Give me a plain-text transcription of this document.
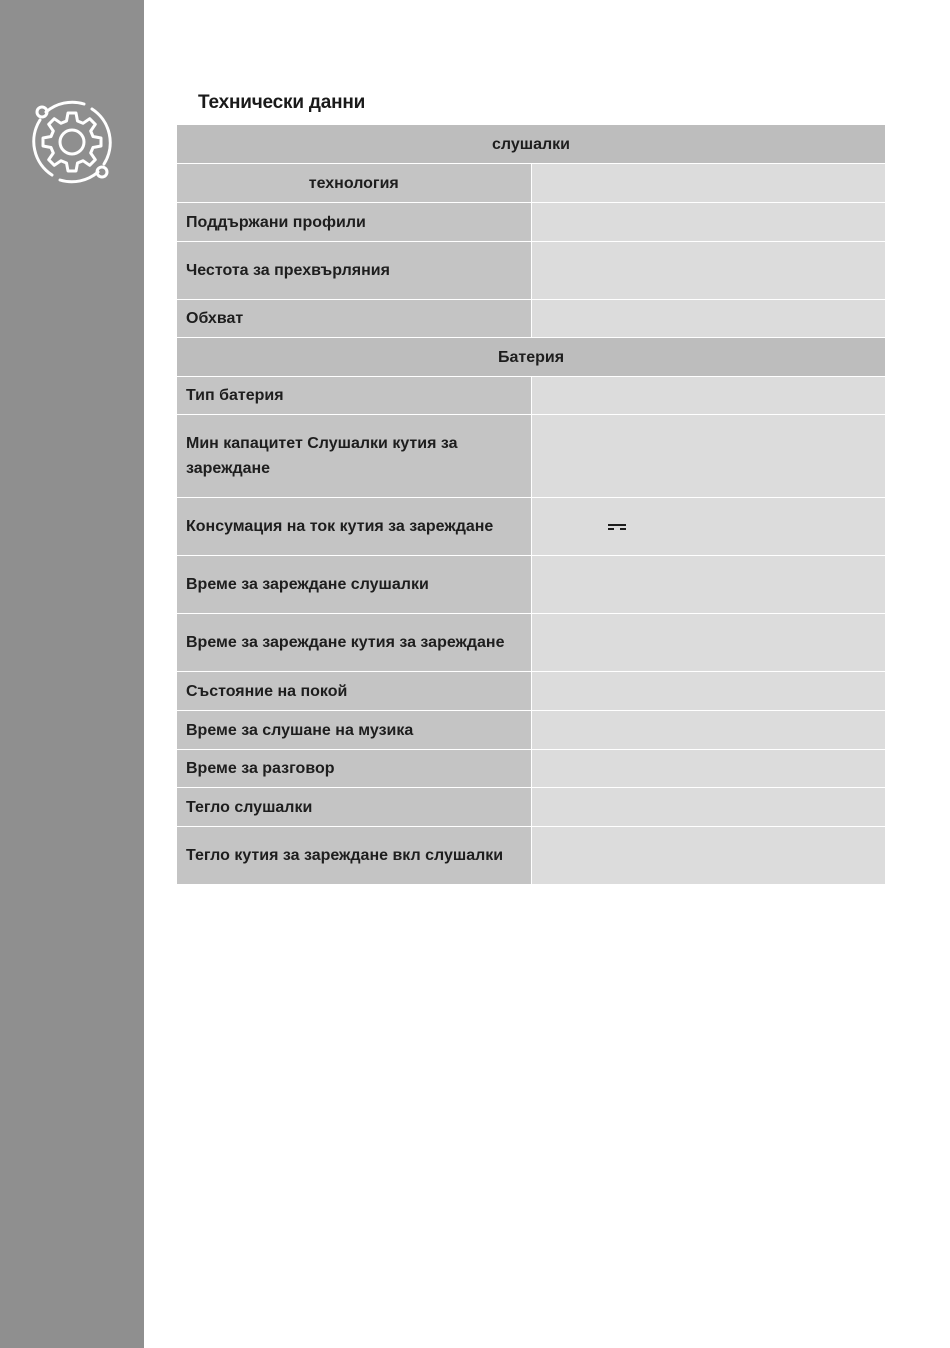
Технически данни
слушалки	
технология	
Поддържани профили	
Честота за прехвърляния	
Обхват	
Батерия	
Тип батерия	
Мин капацитет Слушалки кутия за зареждане	
Консумация на ток кутия за зареждане	

Време за зареждане слушалки	
Време за зареждане кутия за зареждане	
Състояние на покой	
Време за слушане на музика	
Време за разговор	
Тегло слушалки	
Тегло кутия за зареждане вкл слушалки	
